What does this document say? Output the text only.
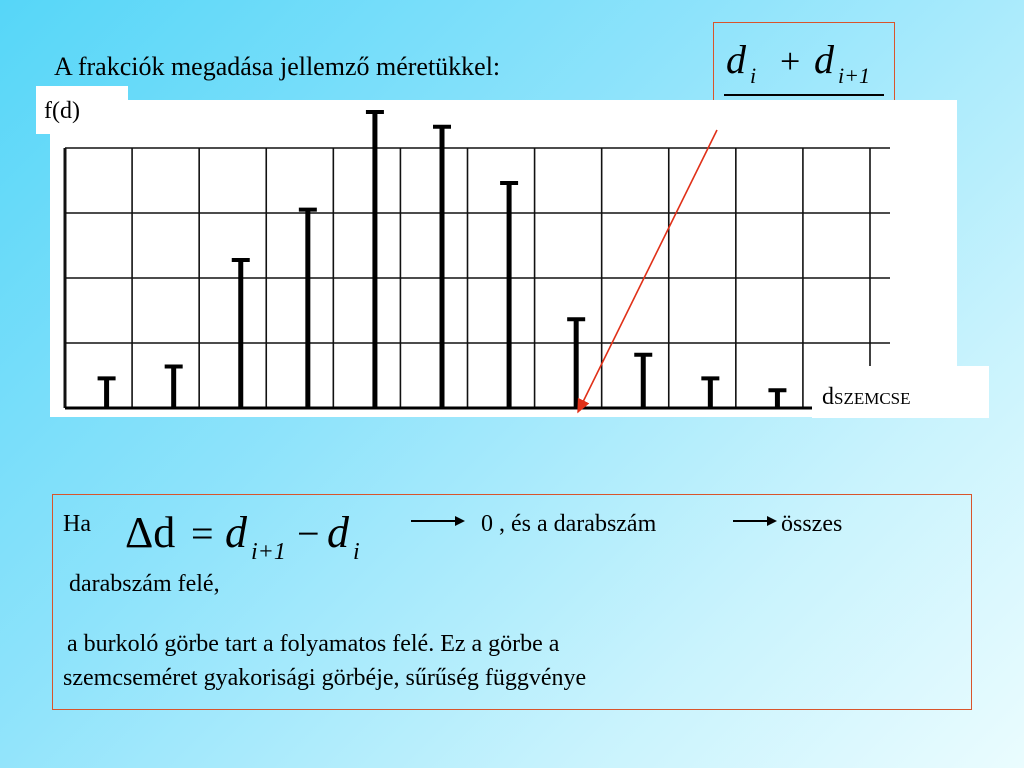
A frakciók megadása jellemző méretükkel:	d i + d i+1
f(d)
dSZEMCSE
Ha Δd = d i+1 − d i
0 , és a darabszám	összes
darabszám felé,
a burkoló görbe tart a folyamatos felé. Ez a görbe a
szemcseméret gyakorisági görbéje, sűrűség függvénye
